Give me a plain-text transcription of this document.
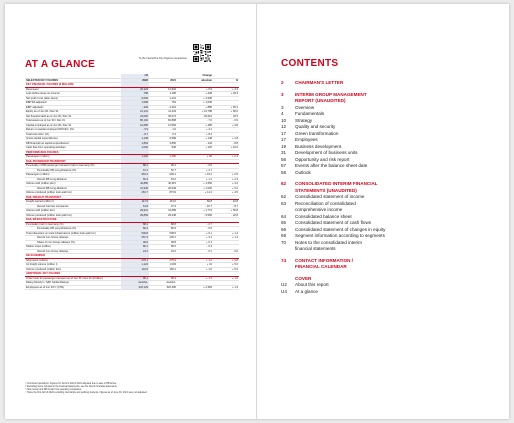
AT A GLANCE
To the Interactive Key Figures comparison
	H1		Change	
SELECTED KEY FIGURES	2022	2021	absolute	%
KEY FINANCIAL FIGURES (€ MILLION)				
Revenues¹⁾	22,123	12,904	+ 6.9	+ 3.3
Loss before taxes on income¹	758	1,185	+ 428	+ 33.3
Net profit / loss (after taxes)	6,069	1,131	+ 4,938	
EBITDA adjusted¹⁾	1,598	754	+ 1,005	
EBIT adjusted¹⁾	- 339	- 1,215	+ 886	+ 69.1
Equity as of Jun 30 / Dec 31	21,131	11,333	+ 10,798	+ 60.0
Net financial debt as of Jun 30 / Dec 31	23,060	30,674	- 30,619	- 32.5
Total assets as of Jun 30 / Dec 31	80,194	81,898	- 7.0	- 0.9
Capital employed as of Jun 30 / Dec 31	12,685	12,584	+ 480	+ 3.8
Return on capital employed (ROCE)¹⁾ (%)	- 5.9	- 1.0	+ 4.1	
Total cost ratio¹⁾ (%)	- 8.7	- 0.3	+ 8.4	
Gross capital expenditures¹⁾	1,138	6,989	+ 148	+ 1.8
DB financial net capital expenditures¹⁾	1,863	3,856	- 144	- 8.8
Cash flow from operating activities	1,000	946	+ 126	+ 10.6
PERFORMANCE FIGURES				
Passengers (million)	1,220	1,160	+ 26	+ 2.3
RAIL PASSENGER TRANSPORT				
Punctuality of DB passenger transport (rail) in Germany (%)	88.1	90.1	- 0.6	
Punctuality DB Long-Distance (%)	67.4	62.7	+ 4.7	
Passengers (million)	963.4	939.1	+ 16.2	+ 2.6
thereof DB Long-Distance	66.3	64.2	+ 1.1	+ 2.3
Volume sold (million pkm)	42,880	40,315	+ 1,556	+ 3.2
thereof DB Long-Distance	21,949	20,949	+ 1,000	+ 5.2
Volume produced (million train-path km)	281.7	873.9	+ 11.3	+ 4.5
RAIL FREIGHT TRANSPORT				
Freight carried (million t)	117.9	113.0	- 60.8	- 10.8
thereof German companies	61.8	37.3	- 10.7	- 8.7
Volume sold (million tkm)	29,901	31,689	+ 1,774	+ 56.8
Volume produced (million train-path km)	29,859	29,448	- 5,590	- 22.8
RAIL INFRASTRUCTURE				
Punctuality (rail) in Germany (%)	88.1	88.8	- 0.7	
Punctuality DB Long-Distance (%)	80.4	80.9	- 0.5	
Train kilometers on track infrastructure (million train-path km)	509.8	548.5	+ 6.1	+ 1.4
thereof non-Group railways	257.3	235.1	+ 3.1	+ 1.4
Share of non-Group railways (%)	48.9	48.8	+ 0.1	
Station stops (million)	80.1	80.6	- 0.3	
thereof non-Group railways	24.3	24.2	- 0.1	- 2.0
DB SCHENKER				
Shipments (million)	276.1	275.9	+ 1.2	+ 0.8
Air freight volume (million t)	1,124	1,093	+ 31	+ 5.6
Volume produced (million tkm)	191.5	166.1	+ 1.6	+ 8.3
ADDITIONAL KEY FIGURES				
Order book for passenger transport as of Jun 30 / Dec 31 (€ billion)	95.1	95.3	+ 1.3	+ 1.6
Rating Moody's / S&P Global Ratings	Aa1/AA-	Aa1/AA-		
Employees as of Jun 30¹⁾²⁾ (FTE)	332,129	326,496	+ 2,383	+ 1.3
¹⁾ Continued operations. Figures for the first half of 2021 adjusted due to sale of DB Arriva.
²⁾ Excluding items included in the financial statements; see the interim financial statements.
³⁾ Now Group and DB Group from operating companies.
⁴⁾ Since the first half of 2022 excluding internships and working students. Figures as of June 30, 2021 were not adjusted.
CONTENTS
2	CHAIRMAN'S LETTER
3	INTERIM GROUP MANAGEMENT
REPORT (UNAUDITED)
3	Overview
4	Fundamentals
10	Strategy
12	Quality and security
17	Green transformation
17	Employees
19	Business development
31	Development of business units
56	Opportunity and risk report
57	Events after the balance sheet date
58	Outlook
62	CONSOLIDATED INTERIM FINANCIAL
STATEMENTS (UNAUDITED)
62	Consolidated statement of income
63	Reconciliation of consolidated
comprehensive income
64	Consolidated balance sheet
65	Consolidated statement of cash flows
66	Consolidated statement of changes in equity
69	Segment information according to segments
70	Notes to the consolidated interim
financial statements
74	CONTACT INFORMATION /
FINANCIAL CALENDAR
COVER
U2	About this report
U4	At a glance
